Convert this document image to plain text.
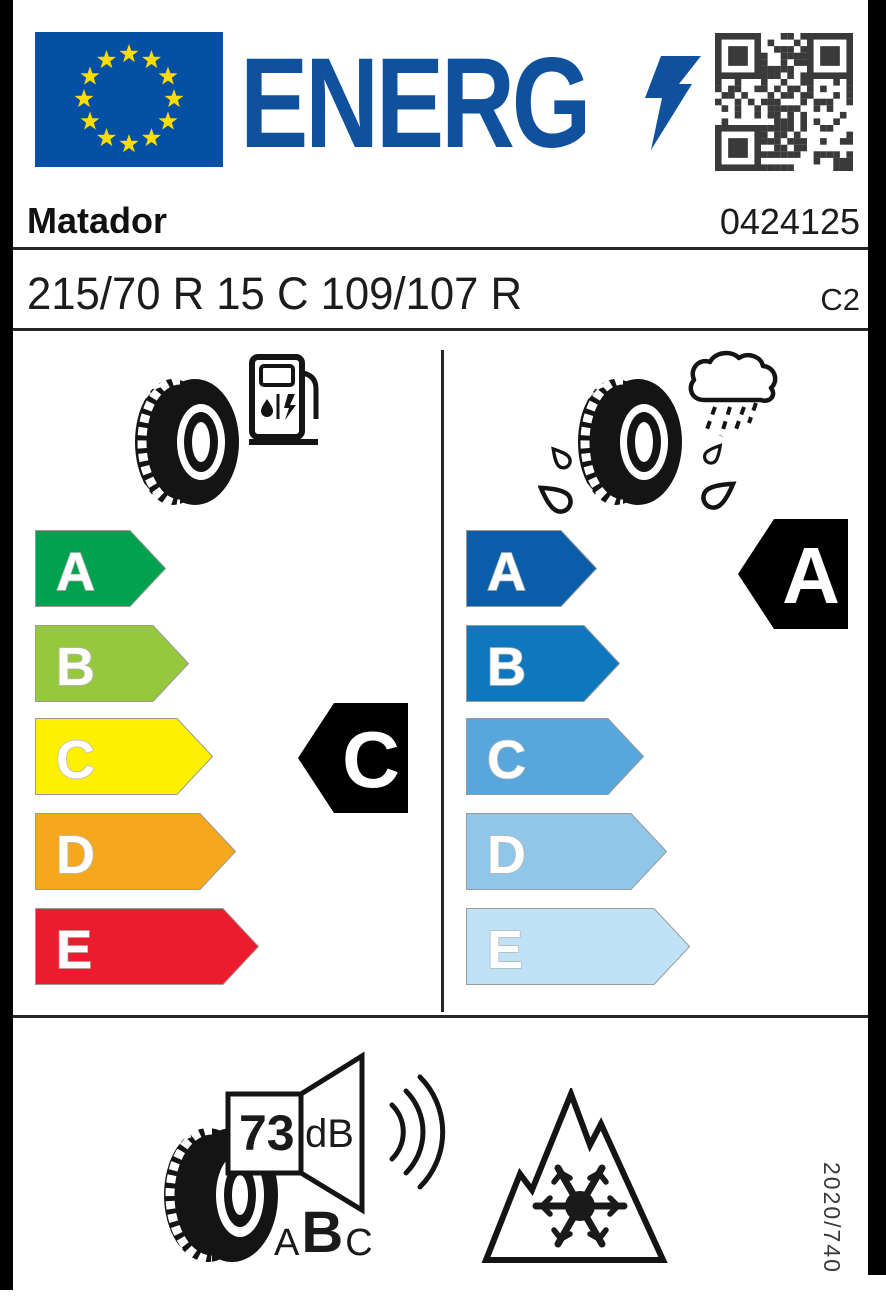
ENERG
Matador	0424125
215/70 R 15 C 109/107 R	C2
A
B
C
D
E
C
A
B
C
D
E
A
73 dB
A B C	2020/740
